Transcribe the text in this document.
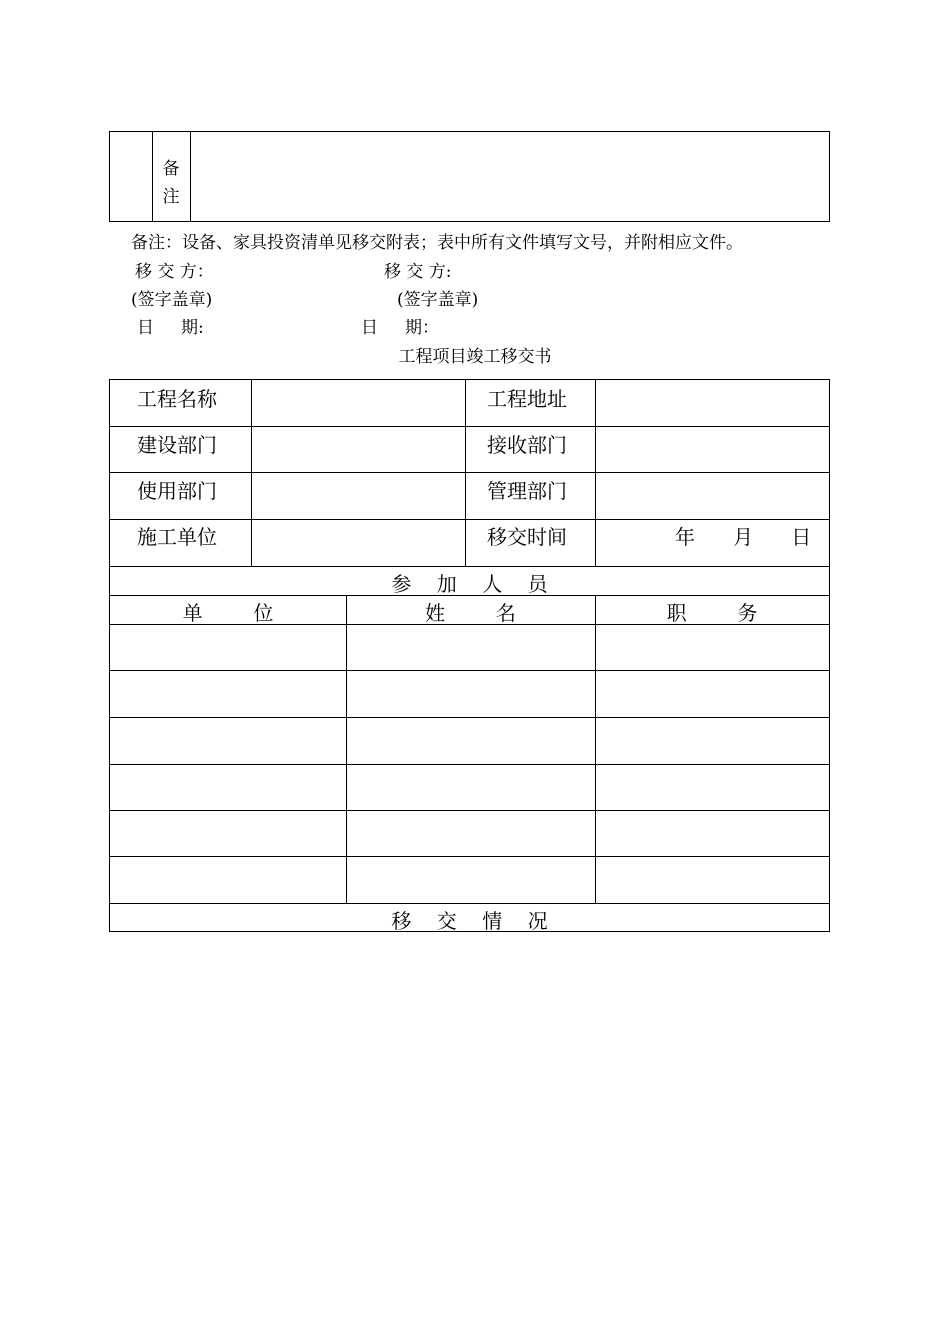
备
注
备注：设备、家具投资清单见移交附表；表中所有文件填写文号，并附相应文件。
移 交 方：	移 交 方:
(签字盖章)	(签字盖章)
日     期:	日     期：
工程项目竣工移交书
工程名称	工程地址
建设部门	接收部门
使用部门	管理部门
施工单位	移交时间	年      月      日
参    加    人    员
单        位	姓        名	职        务
移    交    情    况
